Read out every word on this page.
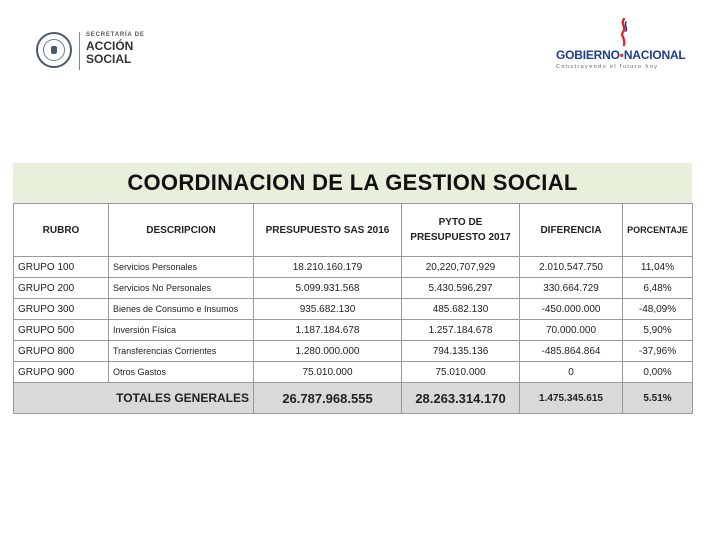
SECRETARÍA DE
ACCIÓN
SOCIAL	GOBIERNO▪NACIONAL
Construyendo el futuro hoy
COORDINACION DE LA GESTION SOCIAL
RUBRO	DESCRIPCION	PRESUPUESTO SAS 2016	PYTO DE PRESUPUESTO 2017	DIFERENCIA	PORCENTAJE
GRUPO 100	Servicios Personales	18.210.160.179	20,220,707,929	2.010.547.750	11,04%
GRUPO 200	Servicios No Personales	5.099.931.568	5.430.596.297	330.664.729	6,48%
GRUPO 300	Bienes de Consumo e Insumos	935.682.130	485.682.130	-450.000.000	-48,09%
GRUPO 500	Inversión Física	1.187.184.678	1.257.184.678	70.000.000	5,90%
GRUPO 800	Transferencias Corrientes	1.280.000.000	794.135.136	-485.864.864	-37,96%
GRUPO 900	Otros Gastos	75.010.000	75.010.000	0	0,00%
TOTALES GENERALES		26.787.968.555	28.263.314.170	1.475.345.615	5.51%
